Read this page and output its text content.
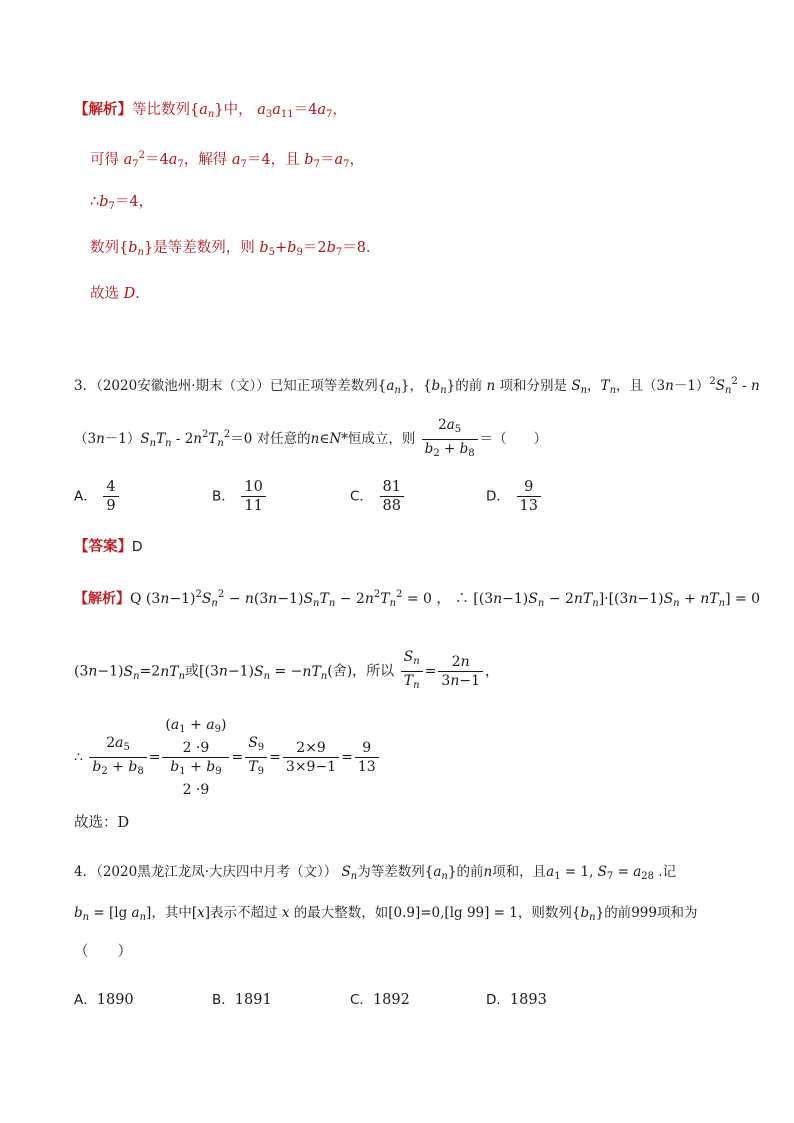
【解析】等比数列$\{a_n\}$中， $a_3a_{11}=4a_7$，
可得 $a_7^2=4a_7$，解得 $a_7=4$，且 $b_7=a_7$，
$\therefore b_7=4$，
数列$\{b_n\}$是等差数列，则 $b_5+b_9=2b_7=8$．
故选 D．
3．（2020安徽池州·期末（文））已知正项等差数列$\{a_n\}$，$\{b_n\}$的前 n 项和分别是 $S_n$，$T_n$，且$(3n-1)^2S_n^2 - n$
$(3n-1)S_nT_n - 2n^2T_n^2=0$ 对任意的n∈N*恒成立，则 $\frac{2a_5}{b_2 + b_8}$ ＝（　　）
A． $\frac{4}{9}$	B． $\frac{10}{11}$	C． $\frac{81}{88}$	D． $\frac{9}{13}$
【答案】D
【解析】Q $(3n-1)^2S_n^2 - n(3n-1)S_nT_n - 2n^2T_n^2 = 0$ ， ∴ $[(3n-1)S_n - 2nT_n]\cdot[(3n-1)S_n + nT_n] = 0$
$(3n-1)S_n=2nT_n$或[$(3n-1)S_n = -nT_n$(舍)，所以 $\frac{S_n}{T_n} = \frac{2n}{3n-1}$ ，
∴ $\frac{2a_5}{b_2 + b_8}$ =
$(a_1 + a_9)$
2 ·9
$b_1 + b_9$
2 ·9
= $\frac{S_9}{T_9} = \frac{2\times 9}{3\times 9-1} = \frac{9}{13}$
故选：D
4．（2020黑龙江龙凤·大庆四中月考（文）） $S_n$为等差数列$\{a_n\}$的前n项和，且$a_1 = 1$, $S_7 = a_{28}$ .记
$b_n = [\lg$ $a_n$]，其中[x]表示不超过 x 的最大整数，如[0.9]=0,[lg 99] = 1，则数列$\{b_n\}$的前999项和为
（　　）
A．1890	B．1891	C．1892	D．1893
